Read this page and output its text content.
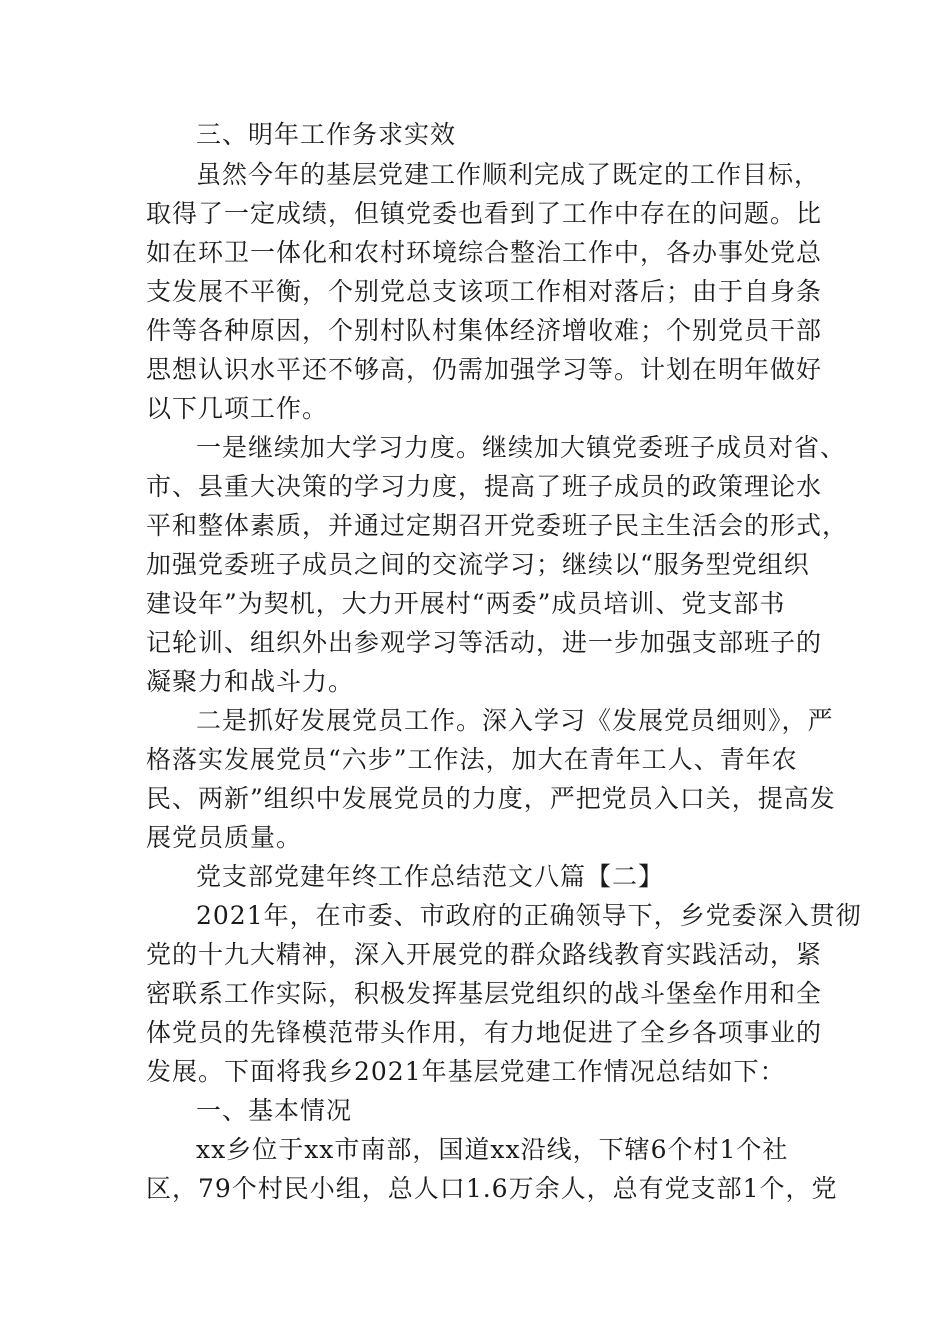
三、明年工作务求实效
虽然今年的基层党建工作顺利完成了既定的工作目标，
取得了一定成绩，但镇党委也看到了工作中存在的问题。比
如在环卫一体化和农村环境综合整治工作中，各办事处党总
支发展不平衡，个别党总支该项工作相对落后；由于自身条
件等各种原因，个别村队村集体经济增收难；个别党员干部
思想认识水平还不够高，仍需加强学习等。计划在明年做好
以下几项工作。
一是继续加大学习力度。继续加大镇党委班子成员对省、
市、县重大决策的学习力度，提高了班子成员的政策理论水
平和整体素质，并通过定期召开党委班子民主生活会的形式，
加强党委班子成员之间的交流学习；继续以“服务型党组织
建设年”为契机，大力开展村“两委”成员培训、党支部书
记轮训、组织外出参观学习等活动，进一步加强支部班子的
凝聚力和战斗力。
二是抓好发展党员工作。深入学习《发展党员细则》，严
格落实发展党员“六步”工作法，加大在青年工人、青年农
民、两新”组织中发展党员的力度，严把党员入口关，提高发
展党员质量。
党支部党建年终工作总结范文八篇【二】
2021年，在市委、市政府的正确领导下，乡党委深入贯彻
党的十九大精神，深入开展党的群众路线教育实践活动，紧
密联系工作实际，积极发挥基层党组织的战斗堡垒作用和全
体党员的先锋模范带头作用，有力地促进了全乡各项事业的
发展。下面将我乡2021年基层党建工作情况总结如下：
一、基本情况
xx乡位于xx市南部，国道xx沿线，下辖6个村1个社
区，79个村民小组，总人口1.6万余人，总有党支部1个，党
